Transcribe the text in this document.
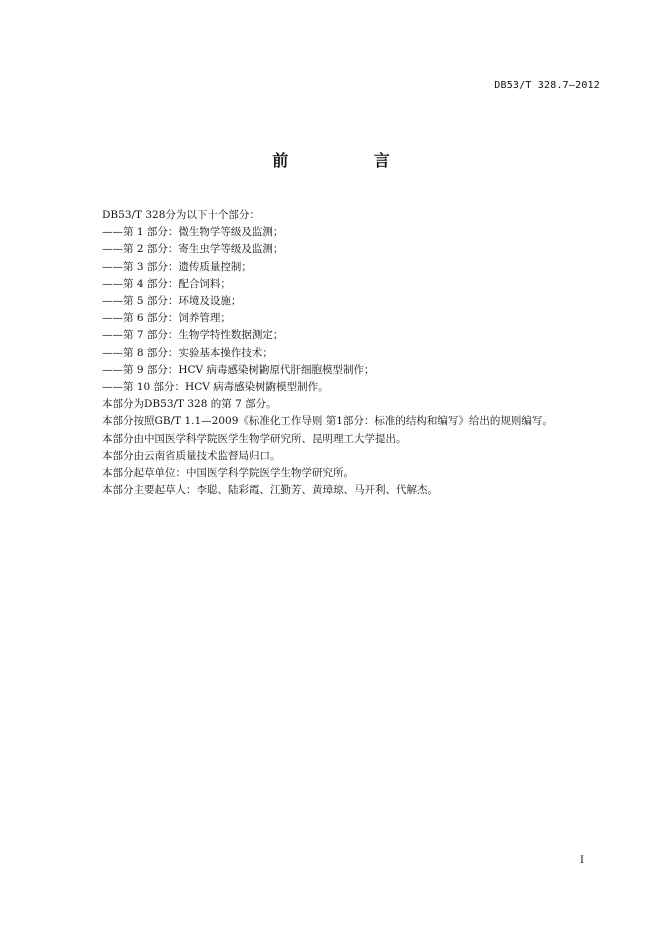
DB53/T 328.7—2012
前 言
DB53/T 328分为以下十个部分：
——第 1 部分：微生物学等级及监测；
——第 2 部分：寄生虫学等级及监测；
——第 3 部分：遗传质量控制；
——第 4 部分：配合饲料；
——第 5 部分：环境及设施；
——第 6 部分：饲养管理；
——第 7 部分：生物学特性数据测定；
——第 8 部分：实验基本操作技术；
——第 9 部分：HCV 病毒感染树鼩原代肝细胞模型制作；
——第 10 部分：HCV 病毒感染树鼩模型制作。
本部分为DB53/T 328 的第 7 部分。
本部分按照GB/T 1.1—2009《标准化工作导则 第1部分：标准的结构和编写》给出的规则编写。
本部分由中国医学科学院医学生物学研究所、昆明理工大学提出。
本部分由云南省质量技术监督局归口。
本部分起草单位：中国医学科学院医学生物学研究所。
本部分主要起草人：李聪、陆彩霞、江勤芳、黄璋琼、马开利、代解杰。
I
